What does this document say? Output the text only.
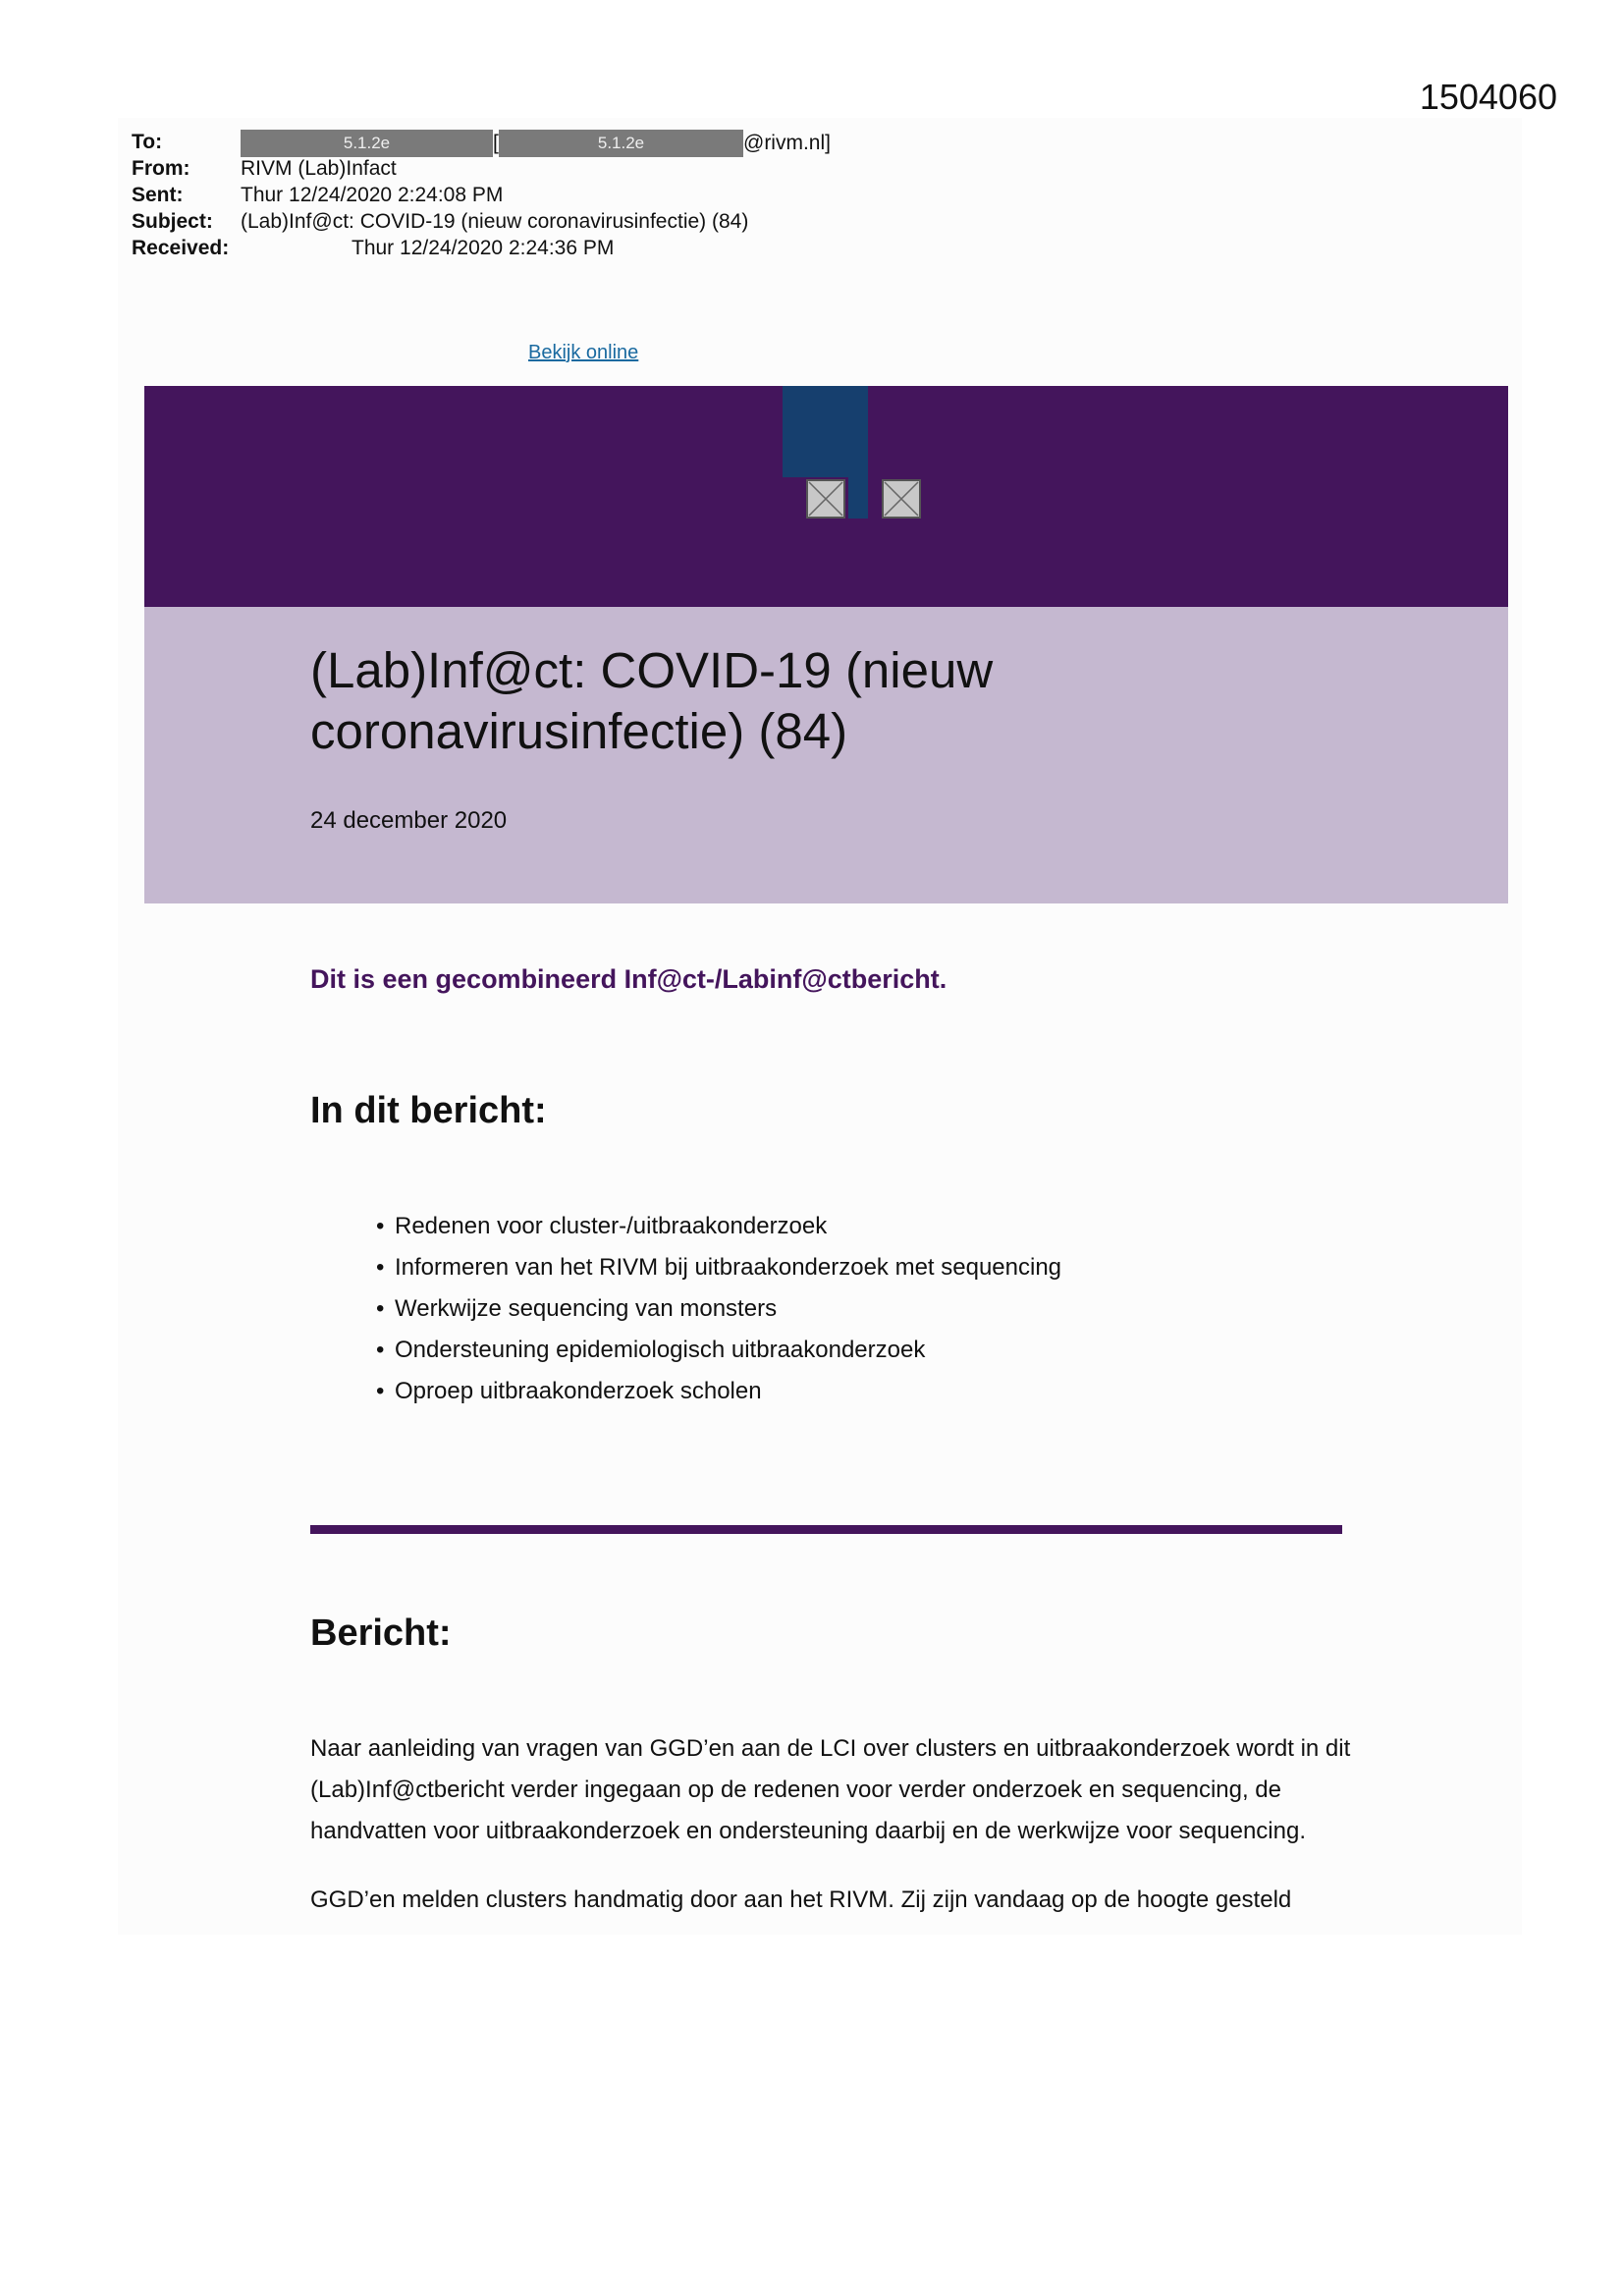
1504060
To:	5.1.2e	[	5.1.2e	@rivm.nl]
From: RIVM (Lab)Infact
Sent:	Thur 12/24/2020 2:24:08 PM
Subject: (Lab)Inf@ct: COVID-19 (nieuw coronavirusinfectie) (84)
Received:	Thur 12/24/2020 2:24:36 PM
Bekijk online
(Lab)Inf@ct: COVID-19 (nieuw coronavirusinfectie) (84)
24 december 2020
Dit is een gecombineerd Inf@ct-/Labinf@ctbericht.
In dit bericht:
• Redenen voor cluster-/uitbraakonderzoek
• Informeren van het RIVM bij uitbraakonderzoek met sequencing
• Werkwijze sequencing van monsters
• Ondersteuning epidemiologisch uitbraakonderzoek
• Oproep uitbraakonderzoek scholen
Bericht:
Naar aanleiding van vragen van GGD’en aan de LCI over clusters en uitbraakonderzoek wordt in dit (Lab)Inf@ctbericht verder ingegaan op de redenen voor verder onderzoek en sequencing, de handvatten voor uitbraakonderzoek en ondersteuning daarbij en de werkwijze voor sequencing.
GGD’en melden clusters handmatig door aan het RIVM. Zij zijn vandaag op de hoogte gesteld
